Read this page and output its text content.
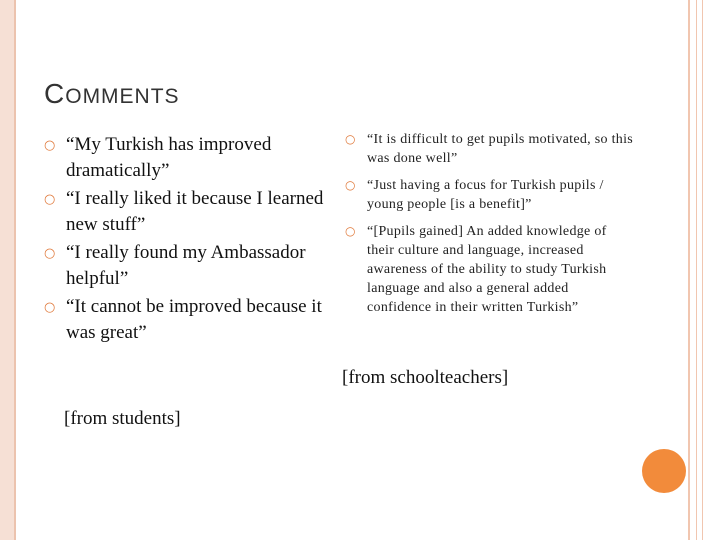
COMMENTS
○ “My Turkish has improved dramatically”
○ “I really liked it because I learned new stuff”
○ “I really found my Ambassador helpful”
○ “It cannot be improved because it was great”
○ “It is difficult to get pupils motivated, so this was done well”
○ “Just having a focus for Turkish pupils / young people [is a benefit]”
○ “[Pupils gained] An added knowledge of their culture and language, increased awareness of the ability to study Turkish language and also a general added confidence in their written Turkish”
[from schoolteachers]
[from students]
